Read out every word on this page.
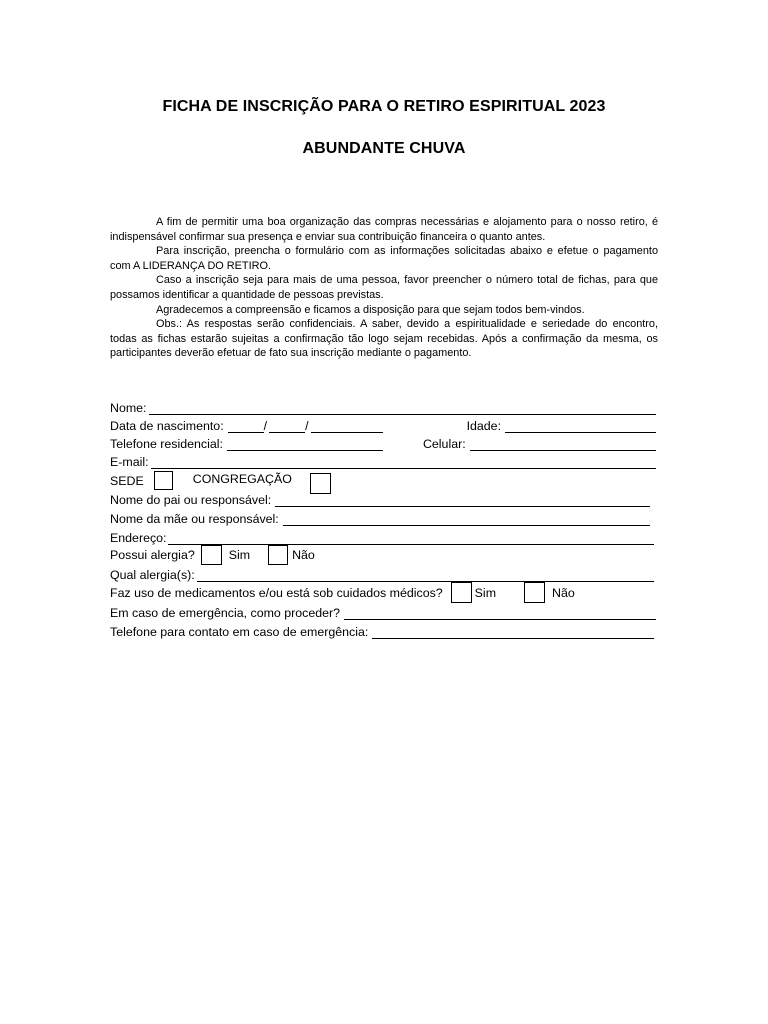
FICHA DE INSCRIÇÃO PARA O RETIRO ESPIRITUAL 2023
ABUNDANTE CHUVA

A fim de permitir uma boa organização das compras necessárias e alojamento para o nosso retiro, é indispensável confirmar sua presença e enviar sua contribuição financeira o quanto antes.

Para inscrição, preencha o formulário com as informações solicitadas abaixo e efetue o pagamento com A LIDERANÇA DO RETIRO.

Caso a inscrição seja para mais de uma pessoa, favor preencher o número total de fichas, para que possamos identificar a quantidade de pessoas previstas.

Agradecemos a compreensão e ficamos a disposição para que sejam todos bem-vindos.

Obs.: As respostas serão confidenciais. A saber, devido a espiritualidade e seriedade do encontro, todas as fichas estarão sujeitas a confirmação tão logo sejam recebidas. Após a confirmação da mesma, os participantes deverão efetuar de fato sua inscrição mediante o pagamento.

Nome:
Data de nascimento:	/	/	Idade:
Telefone residencial:	Celular:
E-mail:
SEDE	CONGREGAÇÃO
Nome do pai ou responsável:
Nome da mãe ou responsável:
Endereço:
Possui alergia?	Sim	Não
Qual alergia(s):
Faz uso de medicamentos e/ou está sob cuidados médicos?	Sim	Não
Em caso de emergência, como proceder?
Telefone para contato em caso de emergência:
